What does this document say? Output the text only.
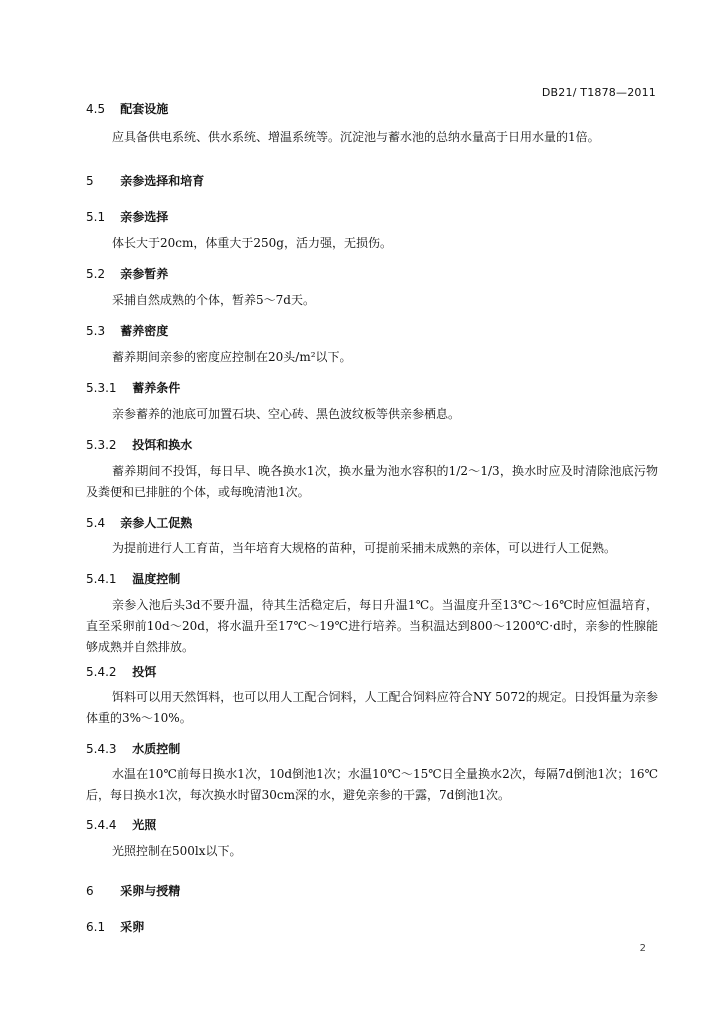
DB21/ T1878—2011
4.5 配套设施
应具备供电系统、供水系统、增温系统等。沉淀池与蓄水池的总纳水量高于日用水量的1倍。
5 亲参选择和培育
5.1 亲参选择
体长大于20cm，体重大于250g，活力强，无损伤。
5.2 亲参暂养
采捕自然成熟的个体，暂养5～7d天。
5.3 蓄养密度
蓄养期间亲参的密度应控制在20头/m²以下。
5.3.1 蓄养条件
亲参蓄养的池底可加置石块、空心砖、黑色波纹板等供亲参栖息。
5.3.2 投饵和换水
蓄养期间不投饵，每日早、晚各换水1次，换水量为池水容积的1/2～1/3，换水时应及时清除池底污物及粪便和已排脏的个体，或每晚清池1次。
5.4 亲参人工促熟
为提前进行人工育苗，当年培育大规格的苗种，可提前采捕未成熟的亲体，可以进行人工促熟。
5.4.1 温度控制
亲参入池后头3d不要升温，待其生活稳定后，每日升温1℃。当温度升至13℃～16℃时应恒温培育，直至采卵前10d～20d，将水温升至17℃～19℃进行培养。当积温达到800～1200℃·d时，亲参的性腺能够成熟并自然排放。
5.4.2 投饵
饵料可以用天然饵料，也可以用人工配合饲料，人工配合饲料应符合NY 5072的规定。日投饵量为亲参体重的3%～10%。
5.4.3 水质控制
水温在10℃前每日换水1次，10d倒池1次；水温10℃～15℃日全量换水2次，每隔7d倒池1次；16℃后，每日换水1次，每次换水时留30cm深的水，避免亲参的干露，7d倒池1次。
5.4.4 光照
光照控制在500lx以下。
6 采卵与授精
6.1 采卵
2
